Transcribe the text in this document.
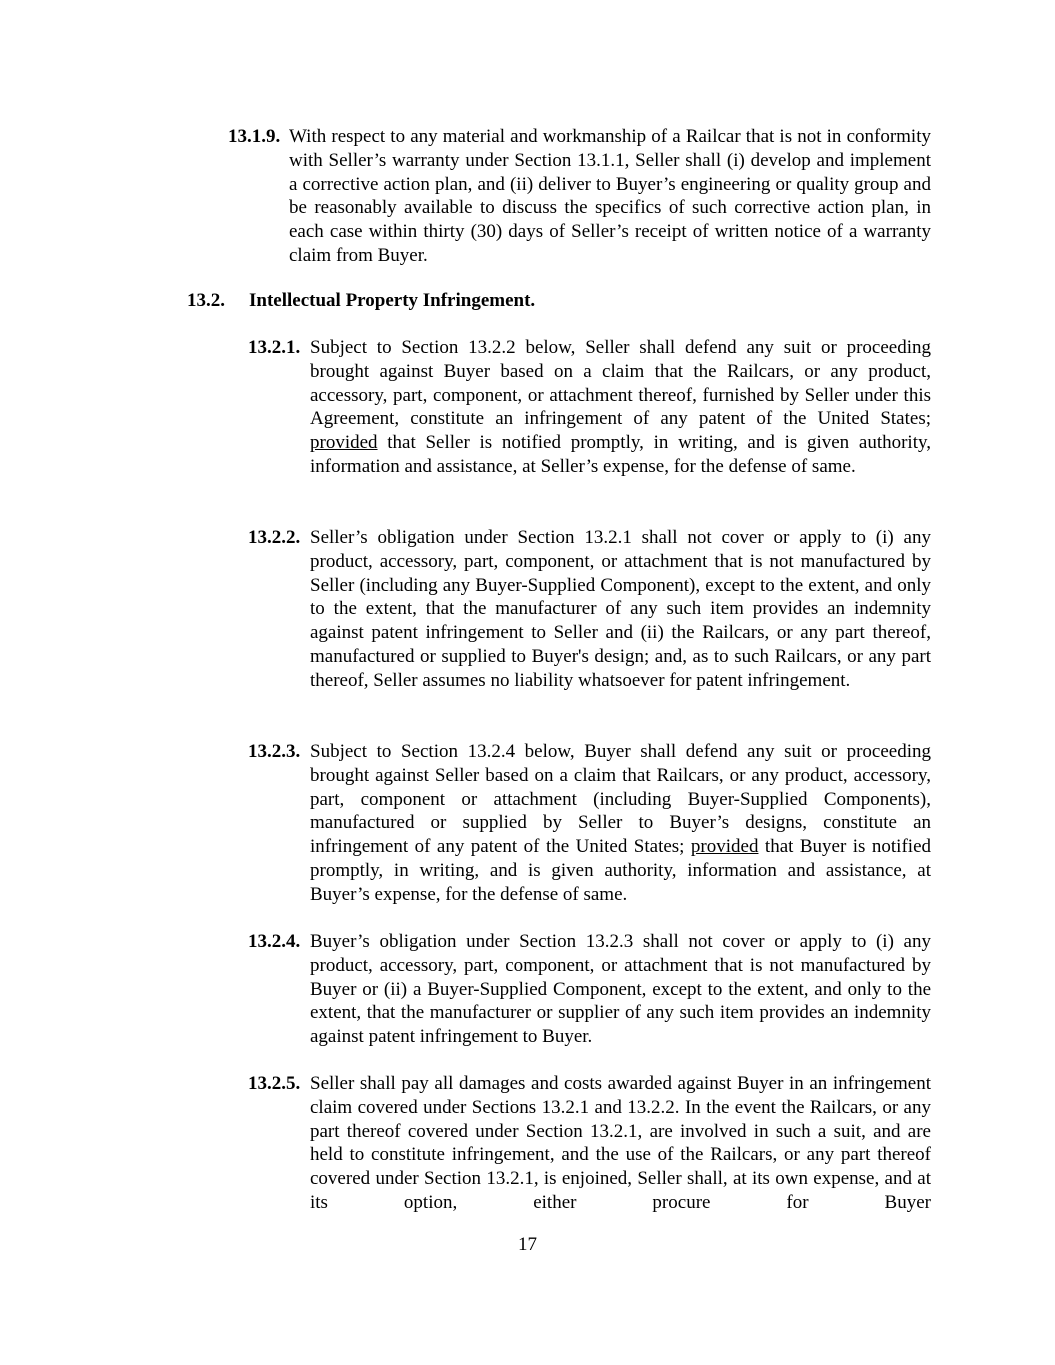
13.1.9. With respect to any material and workmanship of a Railcar that is not in conformity with Seller’s warranty under Section 13.1.1, Seller shall (i) develop and implement a corrective action plan, and (ii) deliver to Buyer’s engineering or quality group and be reasonably available to discuss the specifics of such corrective action plan, in each case within thirty (30) days of Seller’s receipt of written notice of a warranty claim from Buyer.
13.2. Intellectual Property Infringement.
13.2.1. Subject to Section 13.2.2 below, Seller shall defend any suit or proceeding brought against Buyer based on a claim that the Railcars, or any product, accessory, part, component, or attachment thereof, furnished by Seller under this Agreement, constitute an infringement of any patent of the United States; provided that Seller is notified promptly, in writing, and is given authority, information and assistance, at Seller’s expense, for the defense of same.
13.2.2. Seller’s obligation under Section 13.2.1 shall not cover or apply to (i) any product, accessory, part, component, or attachment that is not manufactured by Seller (including any Buyer-Supplied Component), except to the extent, and only to the extent, that the manufacturer of any such item provides an indemnity against patent infringement to Seller and (ii) the Railcars, or any part thereof, manufactured or supplied to Buyer's design; and, as to such Railcars, or any part thereof, Seller assumes no liability whatsoever for patent infringement.
13.2.3. Subject to Section 13.2.4 below, Buyer shall defend any suit or proceeding brought against Seller based on a claim that Railcars, or any product, accessory, part, component or attachment (including Buyer-Supplied Components), manufactured or supplied by Seller to Buyer’s designs, constitute an infringement of any patent of the United States; provided that Buyer is notified promptly, in writing, and is given authority, information and assistance, at Buyer’s expense, for the defense of same.
13.2.4. Buyer’s obligation under Section 13.2.3 shall not cover or apply to (i) any product, accessory, part, component, or attachment that is not manufactured by Buyer or (ii) a Buyer-Supplied Component, except to the extent, and only to the extent, that the manufacturer or supplier of any such item provides an indemnity against patent infringement to Buyer.
13.2.5. Seller shall pay all damages and costs awarded against Buyer in an infringement claim covered under Sections 13.2.1 and 13.2.2. In the event the Railcars, or any part thereof covered under Section 13.2.1, are involved in such a suit, and are held to constitute infringement, and the use of the Railcars, or any part thereof covered under Section 13.2.1, is enjoined, Seller shall, at its own expense, and at its option, either procure for Buyer
17
